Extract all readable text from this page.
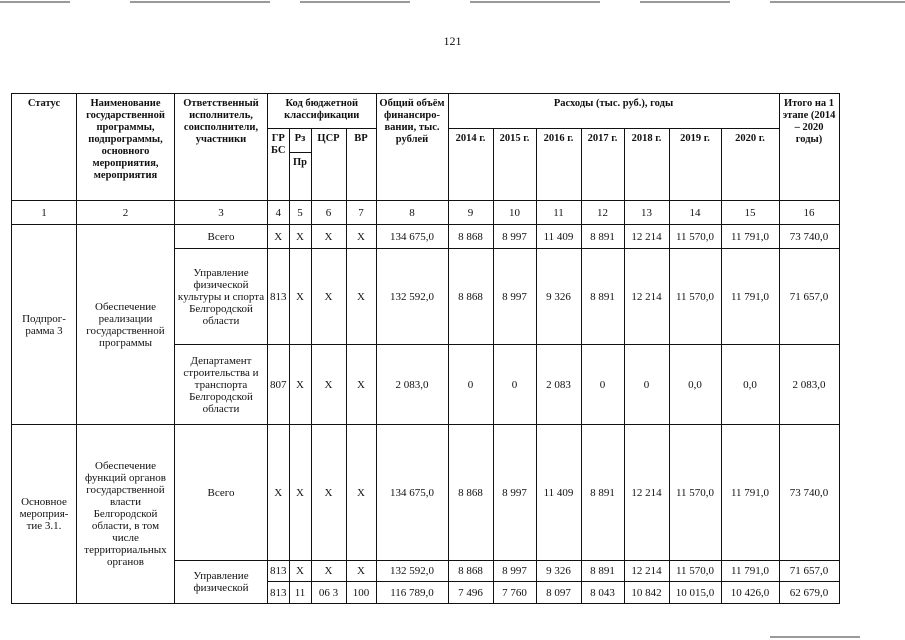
121
Статус	Наименование государственной программы, подпрограммы, основного мероприятия, мероприятия	Ответственный исполнитель, соисполнители, участники	Код бюджетной классификации				Общий объём финансиро-вании, тыс. рублей	Расходы (тыс. руб.), годы							Итого на 1 этапе (2014 – 2020 годы)
			ГР БС	Рз	ЦСР	ВР		2014 г.	2015 г.	2016 г.	2017 г.	2018 г.	2019 г.	2020 г.	
				Пр											
1	2	3	4	5	6	7	8	9	10	11	12	13	14	15	16
Подпрог-рамма 3	Обеспечение реализации государственной программы	Всего	X	X	X	X	134 675,0	8 868	8 997	11 409	8 891	12 214	11 570,0	11 791,0	73 740,0
		Управление физической культуры и спорта Белгородской области	813	X	X	X	132 592,0	8 868	8 997	9 326	8 891	12 214	11 570,0	11 791,0	71 657,0
		Департамент строительства и транспорта Белгородской области	807	X	X	X	2 083,0	0	0	2 083	0	0	0,0	0,0	2 083,0
Основное мероприя-тие 3.1.	Обеспечение функций органов государственной власти Белгородской области, в том числе территориальных органов	Всего	X	X	X	X	134 675,0	8 868	8 997	11 409	8 891	12 214	11 570,0	11 791,0	73 740,0
		Управление физической	813	X	X	X	132 592,0	8 868	8 997	9 326	8 891	12 214	11 570,0	11 791,0	71 657,0
			813	11	06 3	100	116 789,0	7 496	7 760	8 097	8 043	10 842	10 015,0	10 426,0	62 679,0
